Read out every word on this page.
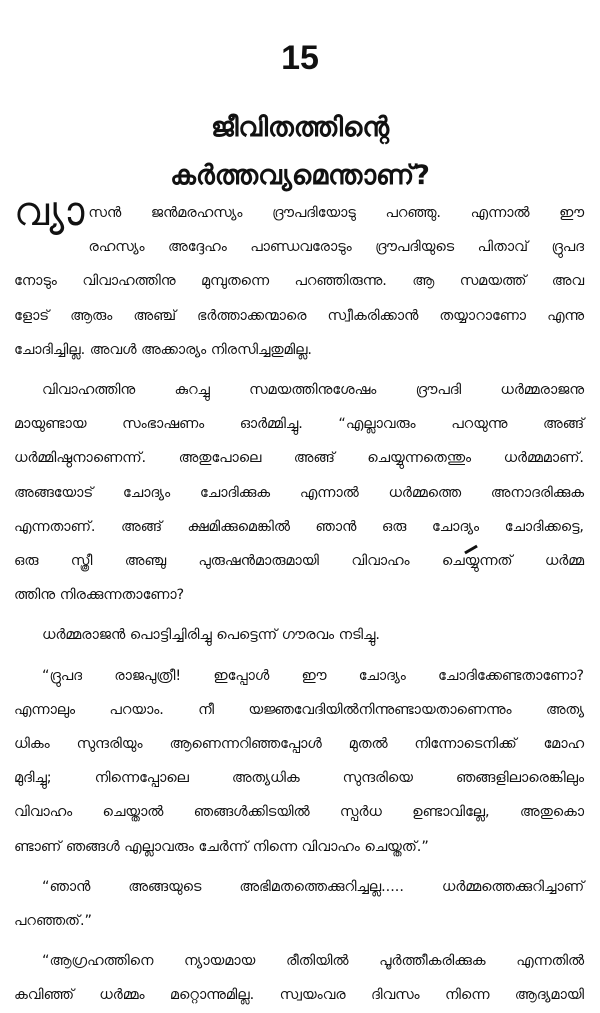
15
ജീവിതത്തിന്റെ
കർത്തവ്യമെന്താണ്?
വ്യാ സൻ ജൻമരഹസ്യം ദ്രൗപദിയോടു പറഞ്ഞു. എന്നാൽ ഈ
രഹസ്യം അദ്ദേഹം പാണ്ഡവരോടും ദ്രൗപദിയുടെ പിതാവ് ദ്രുപദ
നോടും വിവാഹത്തിനു മുമ്പുതന്നെ പറഞ്ഞിരുന്നു. ആ സമയത്ത് അവ
ളോട് ആരും അഞ്ച് ഭർത്താക്കന്മാരെ സ്വീകരിക്കാൻ തയ്യാറാണോ എന്നു
ചോദിച്ചില്ല. അവൾ അക്കാര്യം നിരസിച്ചതുമില്ല.
വിവാഹത്തിനു കുറച്ചു സമയത്തിനുശേഷം ദ്രൗപദി ധർമ്മരാജനു
മായുണ്ടായ സംഭാഷണം ഓർമ്മിച്ചു. “എല്ലാവരും പറയുന്നു അങ്ങ്
ധർമ്മിഷ്ഠനാണെന്ന്. അതുപോലെ അങ്ങ് ചെയ്യുന്നതെന്തും ധർമ്മമാണ്.
അങ്ങയോട് ചോദ്യം ചോദിക്കുക എന്നാൽ ധർമ്മത്തെ അനാദരിക്കുക
എന്നതാണ്. അങ്ങ് ക്ഷമിക്കുമെങ്കിൽ ഞാൻ ഒരു ചോദ്യം ചോദിക്കട്ടെ,
ഒരു സ്ത്രീ അഞ്ചു പുരുഷൻമാരുമായി വിവാഹം ചെയ്യുന്നത് ധർമ്മ
ത്തിനു നിരക്കുന്നതാണോ?
ധർമ്മരാജൻ പൊട്ടിച്ചിരിച്ചു പെട്ടെന്ന് ഗൗരവം നടിച്ചു.
“ദ്രുപദ രാജപുത്രീ! ഇപ്പോൾ ഈ ചോദ്യം ചോദിക്കേണ്ടതാണോ?
എന്നാലും പറയാം. നീ യജ്ഞവേദിയിൽനിന്നുണ്ടായതാണെന്നും അത്യ
ധികം സുന്ദരിയും ആണെന്നറിഞ്ഞപ്പോൾ മുതൽ നിന്നോടെനിക്ക് മോഹ
മുദിച്ചു; നിന്നെപ്പോലെ അത്യധിക സുന്ദരിയെ ഞങ്ങളിലാരെങ്കിലും
വിവാഹം ചെയ്താൽ ഞങ്ങൾക്കിടയിൽ സ്പർധ ഉണ്ടാവില്ലേ, അതുകൊ
ണ്ടാണ് ഞങ്ങൾ എല്ലാവരും ചേർന്ന് നിന്നെ വിവാഹം ചെയ്തത്.”
“ഞാൻ അങ്ങയുടെ അഭിമതത്തെക്കുറിച്ചല്ല..... ധർമ്മത്തെക്കുറിച്ചാണ്
പറഞ്ഞത്.”
“ആഗ്രഹത്തിനെ ന്യായമായ രീതിയിൽ പൂർത്തീകരിക്കുക എന്നതിൽ
കവിഞ്ഞ് ധർമ്മം മറ്റൊന്നുമില്ല. സ്വയംവര ദിവസം നിന്നെ ആദ്യമായി
